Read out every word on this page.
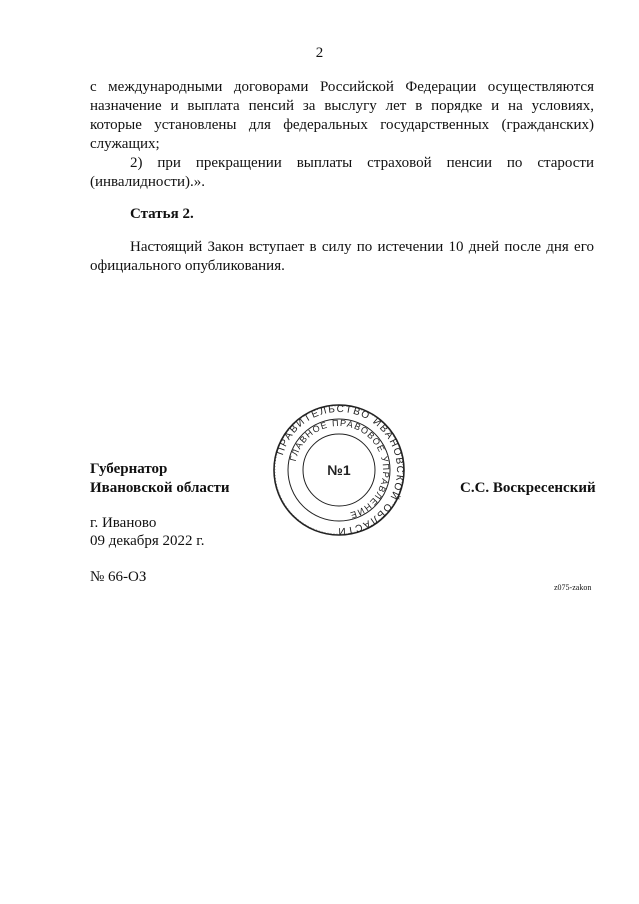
2
с международными договорами Российской Федерации осуществляются
назначение и выплата пенсий за выслугу лет в порядке и на условиях,
которые установлены для федеральных государственных (гражданских)
служащих;
2) при прекращении выплаты страховой пенсии по старости
(инвалидности).».
Статья 2.
Настоящий Закон вступает в силу по истечении 10 дней после дня его
официального опубликования.
Губернатор
Ивановской области	С.С. Воскресенский
г. Иваново
09 декабря 2022 г.
№ 66-ОЗ
z075-zakon
ПРАВИТЕЛЬСТВО ИВАНОВСКОЙ ОБЛАСТИ
ГЛАВНОЕ ПРАВОВОЕ УПРАВЛЕНИЕ
№1
